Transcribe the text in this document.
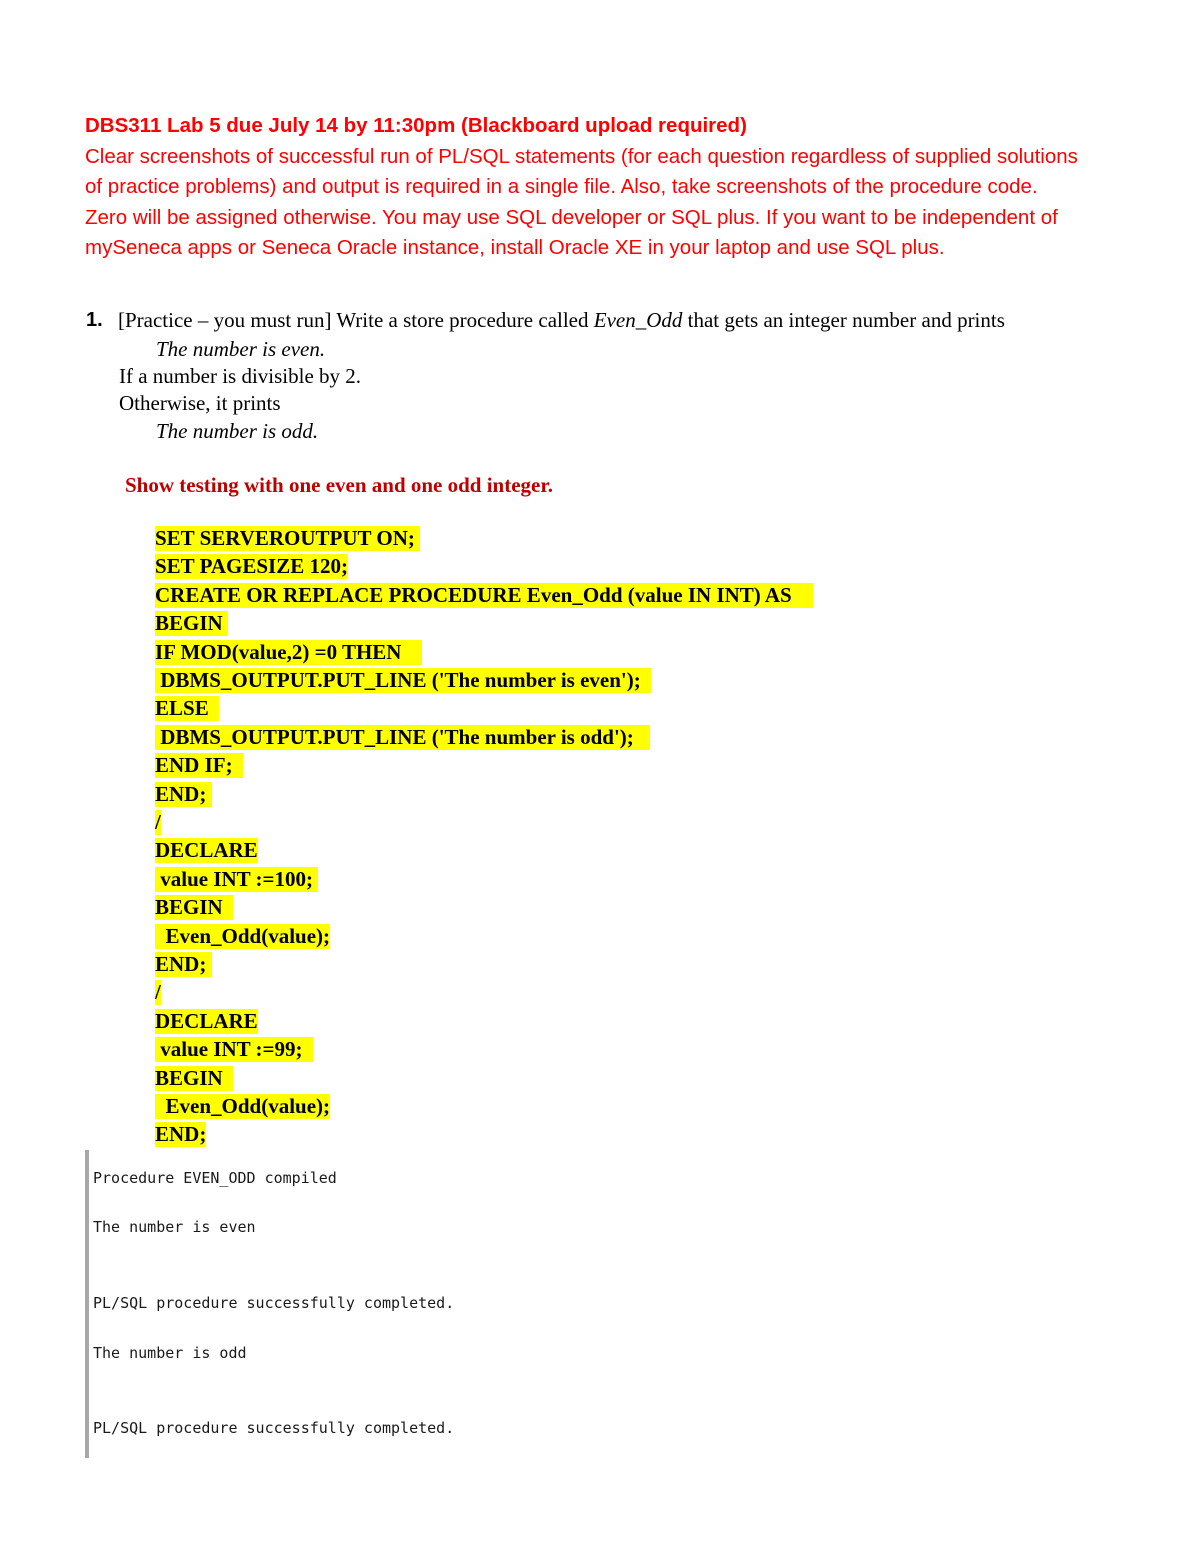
DBS311 Lab 5 due July 14 by 11:30pm (Blackboard upload required)
Clear screenshots of successful run of PL/SQL statements (for each question regardless of supplied solutions
of practice problems) and output is required in a single file. Also, take screenshots of the procedure code.
Zero will be assigned otherwise. You may use SQL developer or SQL plus. If you want to be independent of
mySeneca apps or Seneca Oracle instance, install Oracle XE in your laptop and use SQL plus.
1. [Practice – you must run] Write a store procedure called Even_Odd that gets an integer number and prints
The number is even.
If a number is divisible by 2.
Otherwise, it prints
The number is odd.
Show testing with one even and one odd integer.
SET SERVEROUTPUT ON;
SET PAGESIZE 120;
CREATE OR REPLACE PROCEDURE Even_Odd (value IN INT) AS
BEGIN
IF MOD(value,2) =0 THEN
DBMS_OUTPUT.PUT_LINE ('The number is even');
ELSE
DBMS_OUTPUT.PUT_LINE ('The number is odd');
END IF;
END;
/
DECLARE
value INT :=100;
BEGIN
Even_Odd(value);
END;
/
DECLARE
value INT :=99;
BEGIN
Even_Odd(value);
END;
Procedure EVEN_ODD compiled
The number is even
PL/SQL procedure successfully completed.
The number is odd
PL/SQL procedure successfully completed.
